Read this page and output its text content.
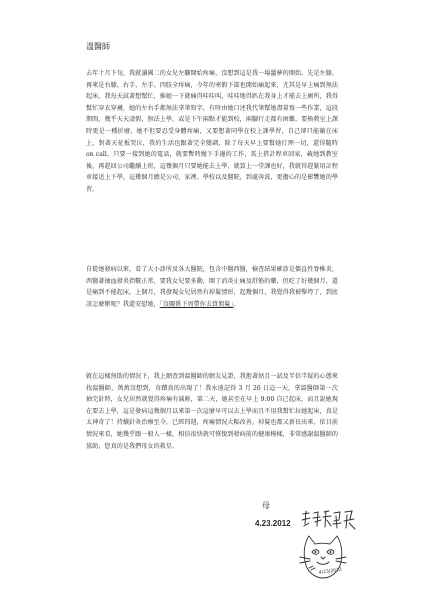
溫醫師
去年十月下旬，我就讀國二的女兒左腳開始疼痛，沒想到這是我一場噩夢的開始。先是左膝，再來是右膝、右手、左手、四肢全疼痛，今年的寒假下部也開始痛起來，尤其是早上痛到無法起床，我每天試著想幫忙，推她一下就痛得哇哇叫，哇哇地得趴在我身上才能去上廁所，我得幫忙穿衣穿襪，她的左右手都無法拿筆寫字，有時由她口述我代筆幫她盡量寫一些作業，這段期間，幾乎天天請假，無法上學，或是下午兩點才能到校，兩腳行走都有困難，要換教室上課時更是一種折磨，她不但要忍受身體疼痛，又要想著同學在校上課學習，自己卻只能躺在床上，對著天花板哭泣，我的生活也跟著完全變調，除了每天早上要幫她打理一切，還得隨時 on call，只要一接到她的電話，就要暫時拋下手邊的工作，馬上搭計程車回家，載她到教室後，再趕回公司繼續上班，這幾個月只要她能去上學，就算上一堂課也好，我就得趕緊用計程車接送上下學，這幾個月總是公司、家裡、學校以及醫院，到處奔波，更擔心的是影響她的學習。
自從她發病以來，看了大小診所及各大醫院，包含中醫西醫，檢查結果確診是僵直性脊椎炎，西醫著抽血發炎指數正常，要我女兒要多動，開了消炎止痛及舒筋的藥，但吃了好幾個月，還是痛到不能起床，上個月，我發現女兒居然有掉髮情形，起幾個月，我覺得我被擊垮了，到底該怎麼辦呢？我還安慰她，「沒關係下周帶你去買假髮」。
就在這樣無助的情況下，我上網查到溫醫師的網友見證，我抱著姑且一試及半信半疑的心態來找溫醫師，萬萬沒想到，奇蹟真的出現了！我永遠記得 3 月 26 日這一天，拿溫醫師第一次抽完針時，女兒居然就覺得疼痛有減輕，第二天，她甚至在早上 9:00 自己起床，而且說她現在要去上學，這是發病這幾個月以來第一次這麼早可以去上學而且不用我幫忙拉她起床，真是太神奇了！持續針灸治療至今，已經四週，疼痛情況大幅改善，掉髮也都又新長出來，依目前情況來看，她幾乎跟一般人一樣，相信很快就可恢復到發病前的健康模樣，非常感謝溫醫師的協助，您真的是我們母女的救星。
母
4.23.2012
4/23/2012
